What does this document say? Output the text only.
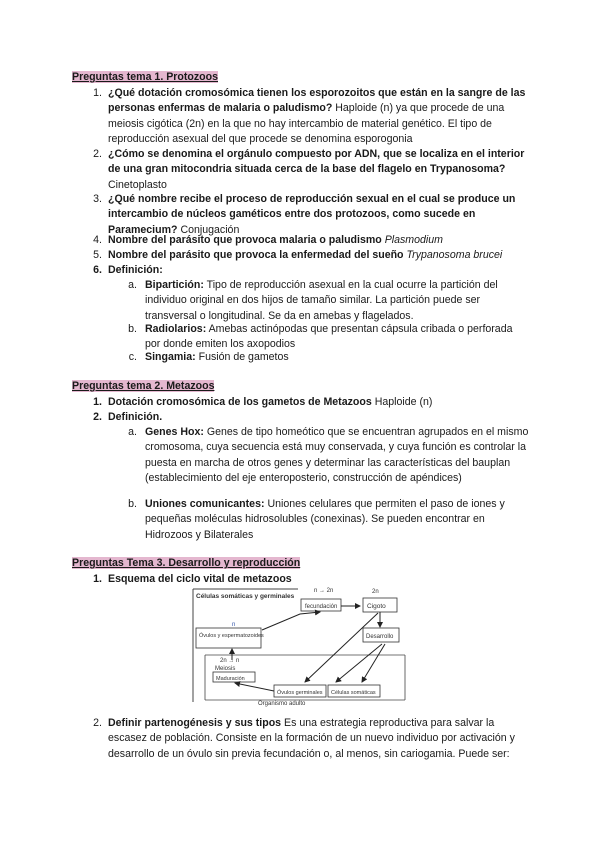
Preguntas tema 1. Protozoos
1. ¿Qué dotación cromosómica tienen los esporozoitos que están en la sangre de las personas enfermas de malaria o paludismo? Haploide (n) ya que procede de una meiosis cigótica (2n) en la que no hay intercambio de material genético. El tipo de reproducción asexual del que procede se denomina esporogonia
2. ¿Cómo se denomina el orgánulo compuesto por ADN, que se localiza en el interior de una gran mitocondria situada cerca de la base del flagelo en Trypanosoma? Cinetoplasto
3. ¿Qué nombre recibe el proceso de reproducción sexual en el cual se produce un intercambio de núcleos gaméticos entre dos protozoos, como sucede en Paramecium? Conjugación
4. Nombre del parásito que provoca malaria o paludismo Plasmodium
5. Nombre del parásito que provoca la enfermedad del sueño Trypanosoma brucei
6. Definición:
a. Bipartición: Tipo de reproducción asexual en la cual ocurre la partición del individuo original en dos hijos de tamaño similar. La partición puede ser transversal o longitudinal. Se da en amebas y flagelados.
b. Radiolarios: Amebas actinópodas que presentan cápsula cribada o perforada por donde emiten los axopodios
c. Singamia: Fusión de gametos
Preguntas tema 2. Metazoos
1. Dotación cromosómica de los gametos de Metazoos Haploide (n)
2. Definición.
a. Genes Hox: Genes de tipo homeótico que se encuentran agrupados en el mismo cromosoma, cuya secuencia está muy conservada, y cuya función es controlar la puesta en marcha de otros genes y determinar las características del bauplan (establecimiento del eje enteroposterio, construcción de apéndices)
b. Uniones comunicantes: Uniones celulares que permiten el paso de iones y pequeñas moléculas hidrosolubles (conexinas). Se pueden encontrar en Hidrozoos y Bilaterales
Preguntas Tema 3. Desarrollo y reproducción
1. Esquema del ciclo vital de metazoos
Células somáticas y germinales
n → 2n
fecundación
2n
Cigoto
n
Óvulos y espermatozoides	Desarrollo
2n → n
Meiosis
Maduración
Óvulos germinales Células somáticas
Organismo adulto
2. Definir partenogénesis y sus tipos Es una estrategia reproductiva para salvar la escasez de población. Consiste en la formación de un nuevo individuo por activación y desarrollo de un óvulo sin previa fecundación o, al menos, sin cariogamia. Puede ser:
